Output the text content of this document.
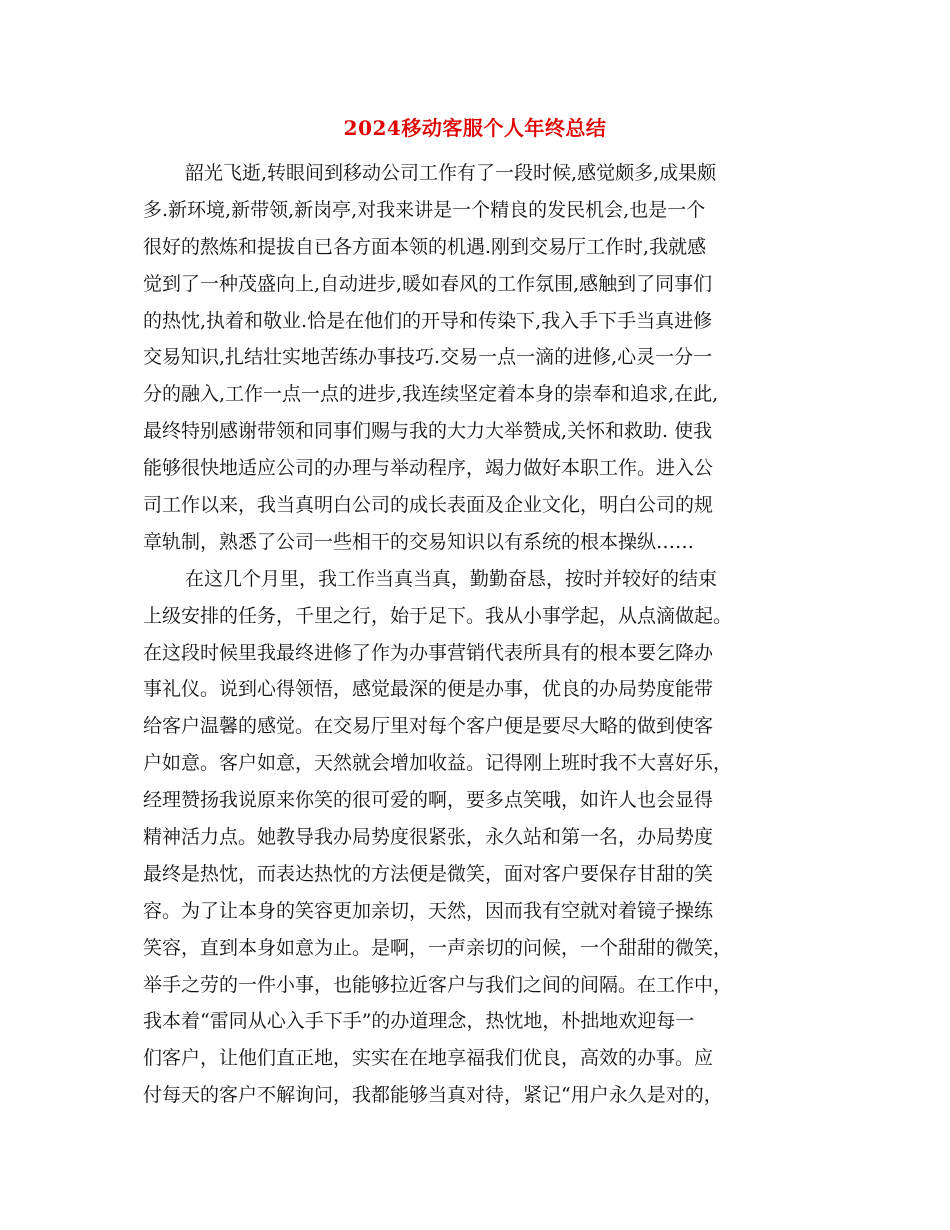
2024移动客服个人年终总结
韶光飞逝,转眼间到移动公司工作有了一段时候,感觉颇多,成果颇
多.新环境,新带领,新岗亭,对我来讲是一个精良的发民机会,也是一个
很好的熬炼和提拔自已各方面本领的机遇.刚到交易厅工作时,我就感
觉到了一种茂盛向上,自动进步,暖如春风的工作氛围,感触到了同事们
的热忱,执着和敬业.恰是在他们的开导和传染下,我入手下手当真进修
交易知识,扎结壮实地苦练办事技巧.交易一点一滴的进修,心灵一分一
分的融入,工作一点一点的进步,我连续坚定着本身的崇奉和追求,在此,
最终特别感谢带领和同事们赐与我的大力大举赞成,关怀和救助. 使我
能够很快地适应公司的办理与举动程序，竭力做好本职工作。进入公
司工作以来，我当真明白公司的成长表面及企业文化，明白公司的规
章轨制，熟悉了公司一些相干的交易知识以有系统的根本操纵……
在这几个月里，我工作当真当真，勤勤奋恳，按时并较好的结束
上级安排的任务，千里之行，始于足下。我从小事学起，从点滴做起。
在这段时候里我最终进修了作为办事营销代表所具有的根本要乞降办
事礼仪。说到心得领悟，感觉最深的便是办事，优良的办局势度能带
给客户温馨的感觉。在交易厅里对每个客户便是要尽大略的做到使客
户如意。客户如意，天然就会增加收益。记得刚上班时我不大喜好乐，
经理赞扬我说原来你笑的很可爱的啊，要多点笑哦，如许人也会显得
精神活力点。她教导我办局势度很紧张，永久站和第一名，办局势度
最终是热忱，而表达热忱的方法便是微笑，面对客户要保存甘甜的笑
容。为了让本身的笑容更加亲切，天然，因而我有空就对着镜子操练
笑容，直到本身如意为止。是啊，一声亲切的问候，一个甜甜的微笑，
举手之劳的一件小事，也能够拉近客户与我们之间的间隔。在工作中，
我本着“雷同从心入手下手”的办道理念，热忱地，朴拙地欢迎每一
们客户，让他们直正地，实实在在地享福我们优良，高效的办事。应
付每天的客户不解询问，我都能够当真对待，紧记“用户永久是对的，
